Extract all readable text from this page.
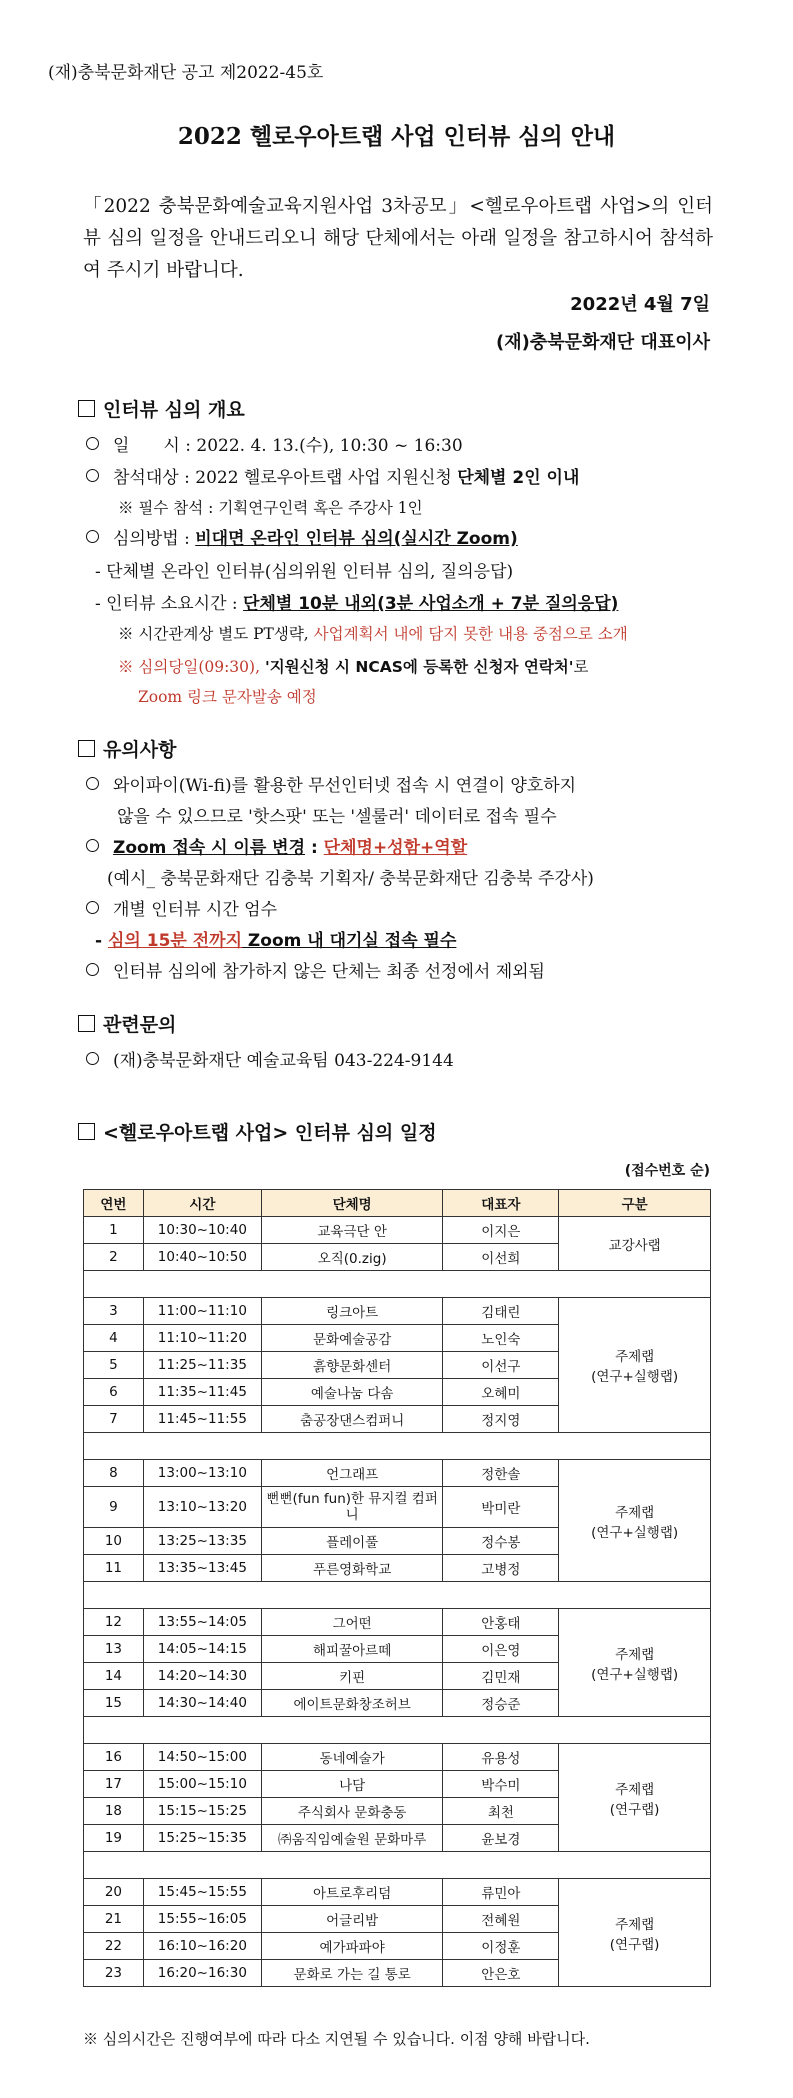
(재)충북문화재단 공고 제2022-45호
2022 헬로우아트랩 사업 인터뷰 심의 안내
「2022 충북문화예술교육지원사업 3차공모」<헬로우아트랩 사업>의 인터뷰 심의 일정을 안내드리오니 해당 단체에서는 아래 일정을 참고하시어 참석하여 주시기 바랍니다.
2022년 4월 7일
(재)충북문화재단 대표이사
인터뷰 심의 개요
일　　시 : 2022. 4. 13.(수), 10:30 ~ 16:30
참석대상 : 2022 헬로우아트랩 사업 지원신청 단체별 2인 이내
※ 필수 참석 : 기획연구인력 혹은 주강사 1인
심의방법 : 비대면 온라인 인터뷰 심의(실시간 Zoom)
- 단체별 온라인 인터뷰(심의위원 인터뷰 심의, 질의응답)
- 인터뷰 소요시간 : 단체별 10분 내외(3분 사업소개 + 7분 질의응답)
※ 시간관계상 별도 PT생략, 사업계획서 내에 담지 못한 내용 중점으로 소개
※ 심의당일(09:30), '지원신청 시 NCAS에 등록한 신청자 연락처'로
Zoom 링크 문자발송 예정
유의사항
와이파이(Wi-fi)를 활용한 무선인터넷 접속 시 연결이 양호하지
않을 수 있으므로 '핫스팟' 또는 '셀룰러' 데이터로 접속 필수
Zoom 접속 시 이름 변경 : 단체명+성함+역할
(예시_ 충북문화재단 김충북 기획자/ 충북문화재단 김충북 주강사)
개별 인터뷰 시간 엄수
- 심의 15분 전까지 Zoom 내 대기실 접속 필수
인터뷰 심의에 참가하지 않은 단체는 최종 선정에서 제외됨
관련문의
(재)충북문화재단 예술교육팀 043-224-9144
<헬로우아트랩 사업> 인터뷰 심의 일정
(접수번호 순)
연번	시간	단체명	대표자	구분
1	10:30~10:40	교육극단 안	이지은	교강사랩

2	10:40~10:50	오직(0.zig)	이선희	

3	11:00~11:10	링크아트	김태린	주제랩
(연구+실행랩)

4	11:10~11:20	문화예술공감	노인숙	
5	11:25~11:35	흙향문화센터	이선구	
6	11:35~11:45	예술나눔 다솜	오혜미	
7	11:45~11:55	춤공장댄스컴퍼니	정지영	

8	13:00~13:10	언그래프	정한솔	주제랩
(연구+실행랩)

9	13:10~13:20	뻔뻔(fun fun)한 뮤지컬 컴퍼니	박미란	
10	13:25~13:35	플레이풀	정수봉	
11	13:35~13:45	푸른영화학교	고병정	

12	13:55~14:05	그어떤	안홍태	주제랩
(연구+실행랩)

13	14:05~14:15	해피꿀아르떼	이은영	
14	14:20~14:30	키핀	김민재	
15	14:30~14:40	에이트문화창조허브	정승준	

16	14:50~15:00	동네예술가	유용성	주제랩
(연구랩)

17	15:00~15:10	나담	박수미	
18	15:15~15:25	주식회사 문화충동	최천	
19	15:25~15:35	㈜움직임예술원 문화마루	윤보경	

20	15:45~15:55	아트로후리덤	류민아	주제랩
(연구랩)

21	15:55~16:05	어글리밤	전혜원	
22	16:10~16:20	예가파파야	이정훈	
23	16:20~16:30	문화로 가는 길 통로	안은호	
※ 심의시간은 진행여부에 따라 다소 지연될 수 있습니다. 이점 양해 바랍니다.
